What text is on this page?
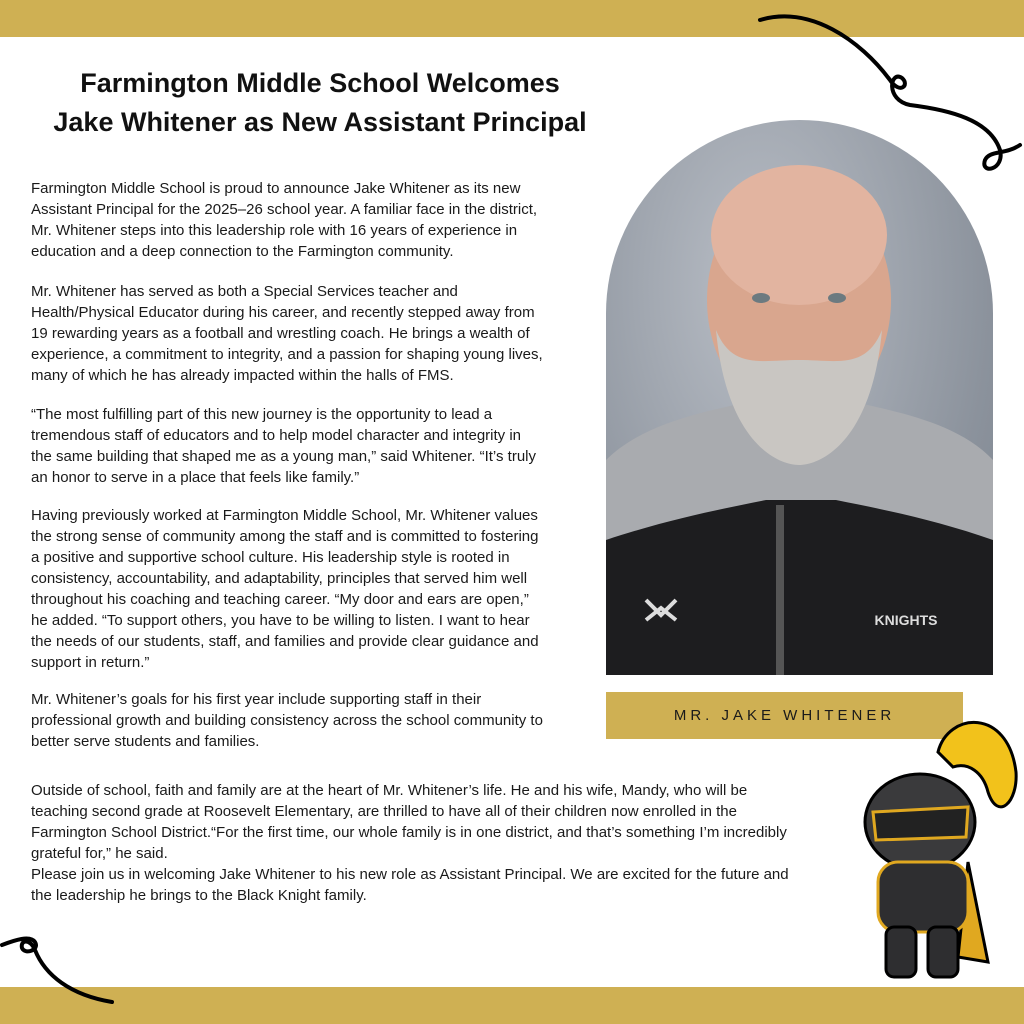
Farmington Middle School Welcomes
Jake Whitener as New Assistant Principal
Farmington Middle School is proud to announce Jake Whitener as its new
Assistant Principal for the 2025–26 school year. A familiar face in the district,
Mr. Whitener steps into this leadership role with 16 years of experience in
education and a deep connection to the Farmington community.
Mr. Whitener has served as both a Special Services teacher and
Health/Physical Educator during his career, and recently stepped away from
19 rewarding years as a football and wrestling coach. He brings a wealth of
experience, a commitment to integrity, and a passion for shaping young lives,
many of which he has already impacted within the halls of FMS.
“The most fulfilling part of this new journey is the opportunity to lead a
tremendous staff of educators and to help model character and integrity in
the same building that shaped me as a young man,” said Whitener. “It’s truly
an honor to serve in a place that feels like family.”
Having previously worked at Farmington Middle School, Mr. Whitener values
the strong sense of community among the staff and is committed to fostering
a positive and supportive school culture. His leadership style is rooted in
consistency, accountability, and adaptability, principles that served him well
throughout his coaching and teaching career. “My door and ears are open,”
he added. “To support others, you have to be willing to listen. I want to hear
the needs of our students, staff, and families and provide clear guidance and
support in return.”
Mr. Whitener’s goals for his first year include supporting staff in their
professional growth and building consistency across the school community to
better serve students and families.
Outside of school, faith and family are at the heart of Mr. Whitener’s life. He and his wife, Mandy, who will be
teaching second grade at Roosevelt Elementary, are thrilled to have all of their children now enrolled in the
Farmington School District.“For the first time, our whole family is in one district, and that’s something I’m incredibly
grateful for,” he said.
Please join us in welcoming Jake Whitener to his new role as Assistant Principal. We are excited for the future and
the leadership he brings to the Black Knight family.
KNIGHTS
MR. JAKE WHITENER
